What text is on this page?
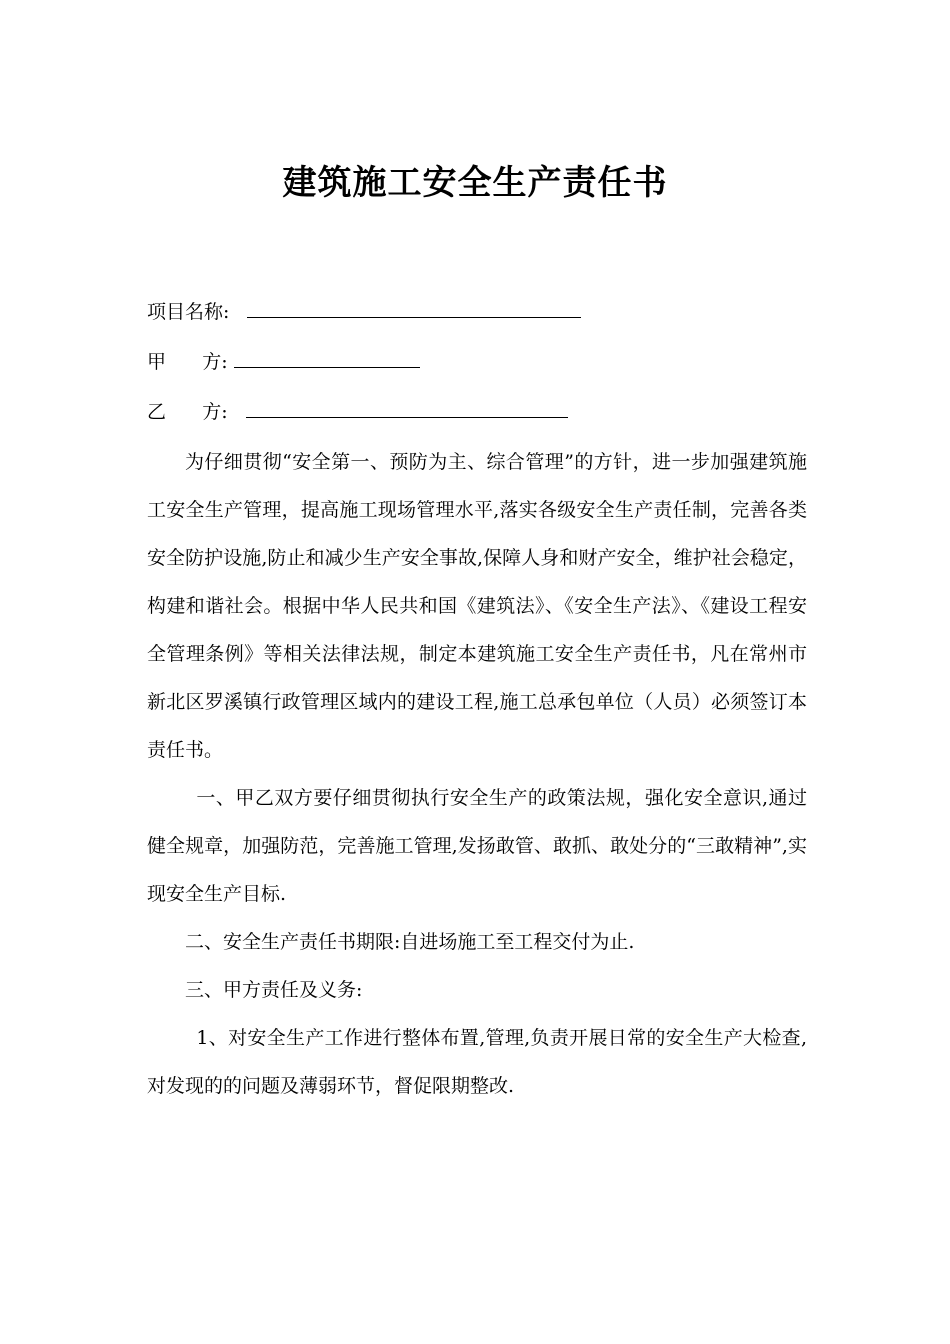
建筑施工安全生产责任书
项目名称:
甲      方:
乙      方:

为仔细贯彻“安全第一、预防为主、综合管理”的方针，进一步加强建筑施工安全生产管理，提高施工现场管理水平,落实各级安全生产责任制，完善各类安全防护设施,防止和减少生产安全事故,保障人身和财产安全，维护社会稳定，构建和谐社会。根据中华人民共和国《建筑法》、《安全生产法》、《建设工程安全管理条例》等相关法律法规，制定本建筑施工安全生产责任书，凡在常州市新北区罗溪镇行政管理区域内的建设工程,施工总承包单位（人员）必须签订本责任书。

一、甲乙双方要仔细贯彻执行安全生产的政策法规，强化安全意识,通过健全规章，加强防范，完善施工管理,发扬敢管、敢抓、敢处分的“三敢精神”,实现安全生产目标.

二、安全生产责任书期限:自进场施工至工程交付为止.

三、甲方责任及义务:

1、对安全生产工作进行整体布置,管理,负责开展日常的安全生产大检查,对发现的的问题及薄弱环节，督促限期整改.
